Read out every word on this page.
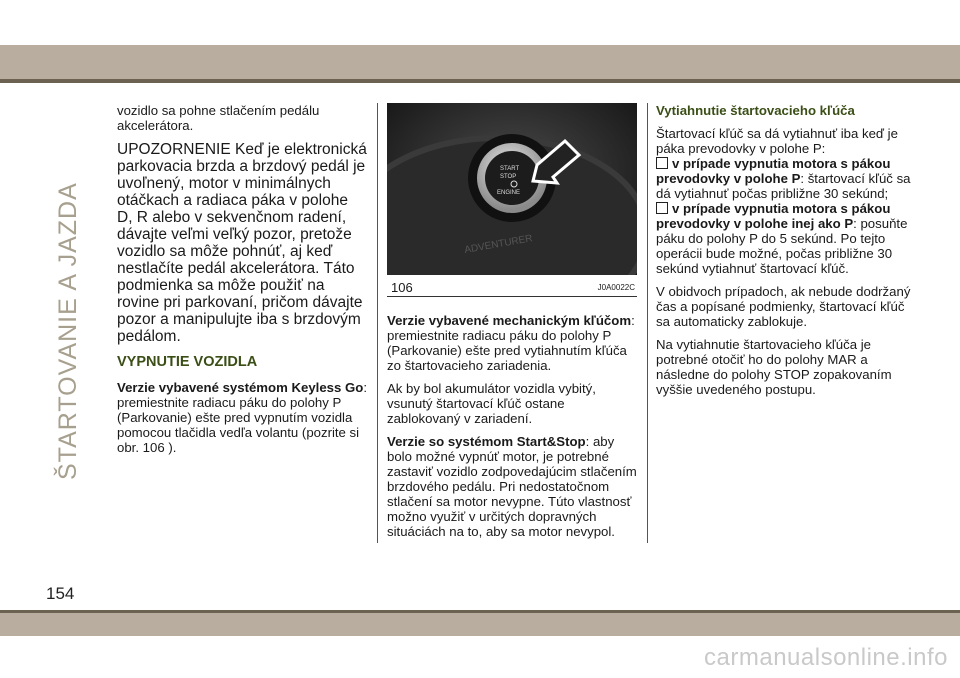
ŠTARTOVANIE A JAZDA

vozidlo sa pohne stlačením pedálu akcelerátora.

UPOZORNENIE Keď je elektronická parkovacia brzda a brzdový pedál je uvoľnený, motor v minimálnych otáčkach a radiaca páka v polohe D, R alebo v sekvenčnom radení, dávajte veľmi veľký pozor, pretože vozidlo sa môže pohnúť, aj keď nestlačíte pedál akcelerátora. Táto podmienka sa môže použiť na rovine pri parkovaní, pričom dávajte pozor a manipulujte iba s brzdovým pedálom.

VYPNUTIE VOZIDLA

Verzie vybavené systémom Keyless Go: premiestnite radiacu páku do polohy P (Parkovanie) ešte pred vypnutím vozidla pomocou tlačidla vedľa volantu (pozrite si obr. 106 ).

START
STOP
ENGINE
ADVENTURER
106	J0A0022C

Verzie vybavené mechanickým kľúčom: premiestnite radiacu páku do polohy P (Parkovanie) ešte pred vytiahnutím kľúča zo štartovacieho zariadenia.

Ak by bol akumulátor vozidla vybitý, vsunutý štartovací kľúč ostane zablokovaný v zariadení.

Verzie so systémom Start&Stop: aby bolo možné vypnúť motor, je potrebné zastaviť vozidlo zodpovedajúcim stlačením brzdového pedálu. Pri nedostatočnom stlačení sa motor nevypne. Túto vlastnosť možno využiť v určitých dopravných situáciách na to, aby sa motor nevypol.

Vytiahnutie štartovacieho kľúča

Štartovací kľúč sa dá vytiahnuť iba keď je páka prevodovky v polohe P:

v prípade vypnutia motora s pákou prevodovky v polohe P: štartovací kľúč sa dá vytiahnuť počas približne 30 sekúnd;

v prípade vypnutia motora s pákou prevodovky v polohe inej ako P: posuňte páku do polohy P do 5 sekúnd. Po tejto operácii bude možné, počas približne 30 sekúnd vytiahnuť štartovací kľúč.

V obidvoch prípadoch, ak nebude dodržaný čas a popísané podmienky, štartovací kľúč sa automaticky zablokuje.

Na vytiahnutie štartovacieho kľúča je potrebné otočiť ho do polohy MAR a následne do polohy STOP zopakovaním vyššie uvedeného postupu.

154
carmanualsonline.info
